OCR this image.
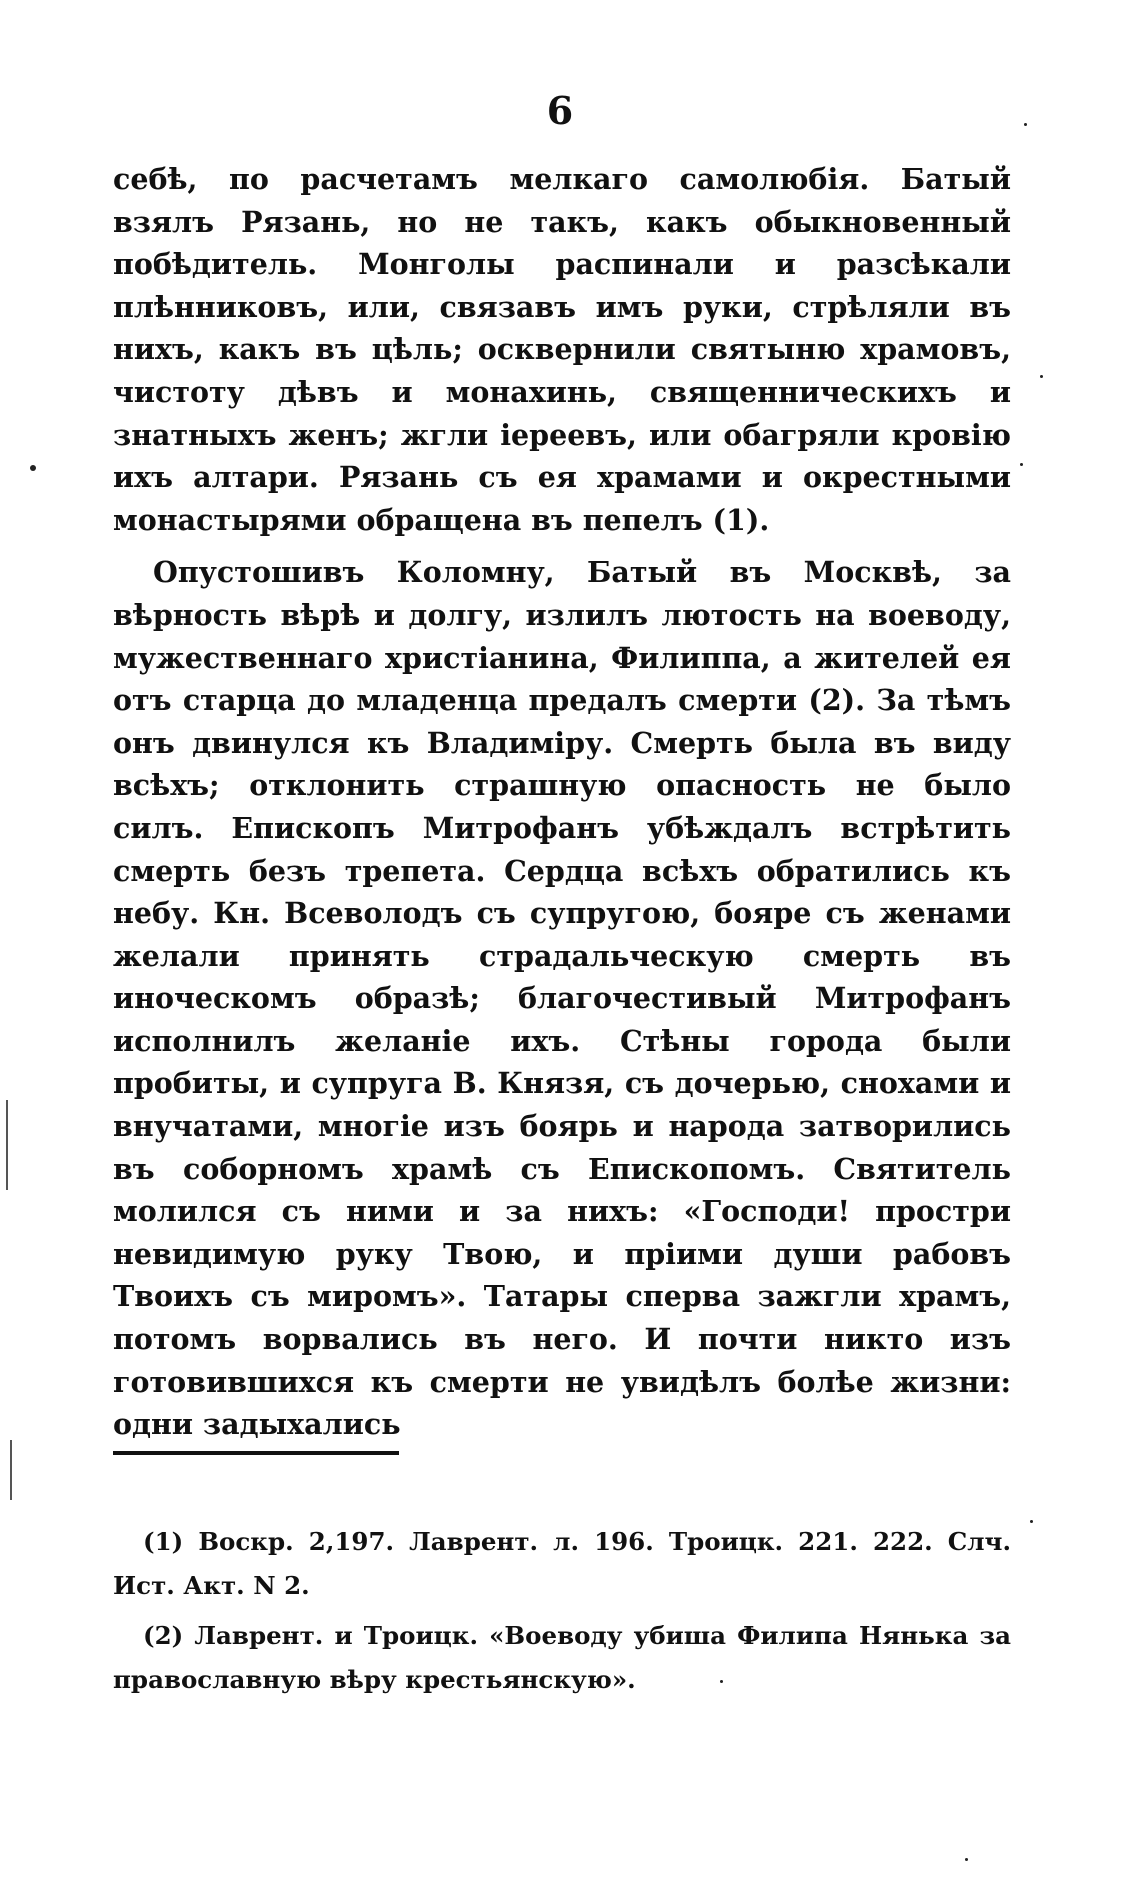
6

себѣ, по расчетамъ мелкаго самолюбія. Батый взялъ Рязань, но не такъ, какъ обыкновенный побѣдитель. Монголы распинали и разсѣкали плѣнниковъ, или, связавъ имъ руки, стрѣляли въ нихъ, какъ въ цѣль; осквернили святыню храмовъ, чистоту дѣвъ и монахинь, священническихъ и знатныхъ женъ; жгли іереевъ, или обагряли кровію ихъ алтари. Рязань съ ея храмами и окрестными монастырями обращена въ пепелъ (1).

Опустошивъ Коломну, Батый въ Москвѣ, за вѣрность вѣрѣ и долгу, излилъ лютость на воеводу, мужественнаго христіанина, Филиппа, а жителей ея отъ старца до младенца предалъ смерти (2). За тѣмъ онъ двинулся къ Владиміру. Смерть была въ виду всѣхъ; отклонить страшную опасность не было силъ. Епископъ Митрофанъ убѣждалъ встрѣтить смерть безъ трепета. Сердца всѣхъ обратились къ небу. Кн. Всеволодъ съ супругою, бояре съ женами желали принять страдальческую смерть въ иноческомъ образѣ; благочестивый Митрофанъ исполнилъ желаніе ихъ. Стѣны города были пробиты, и супруга В. Князя, съ дочерью, снохами и внучатами, многіе изъ боярь и народа затворились въ соборномъ храмѣ съ Епископомъ. Святитель молился съ ними и за нихъ: «Господи! простри невидимую руку Твою, и пріими души рабовъ Твоихъ съ миромъ». Татары сперва зажгли храмъ, потомъ ворвались въ него. И почти никто изъ готовившихся къ смерти не увидѣлъ болѣе жизни: одни задыхались

(1) Воскр. 2,197. Лаврент. л. 196. Троицк. 221. 222. Слч. Ист. Акт. N 2.

(2) Лаврент. и Троицк. «Воеводу убиша Филипа Нянька за православную вѣру крестьянскую».
